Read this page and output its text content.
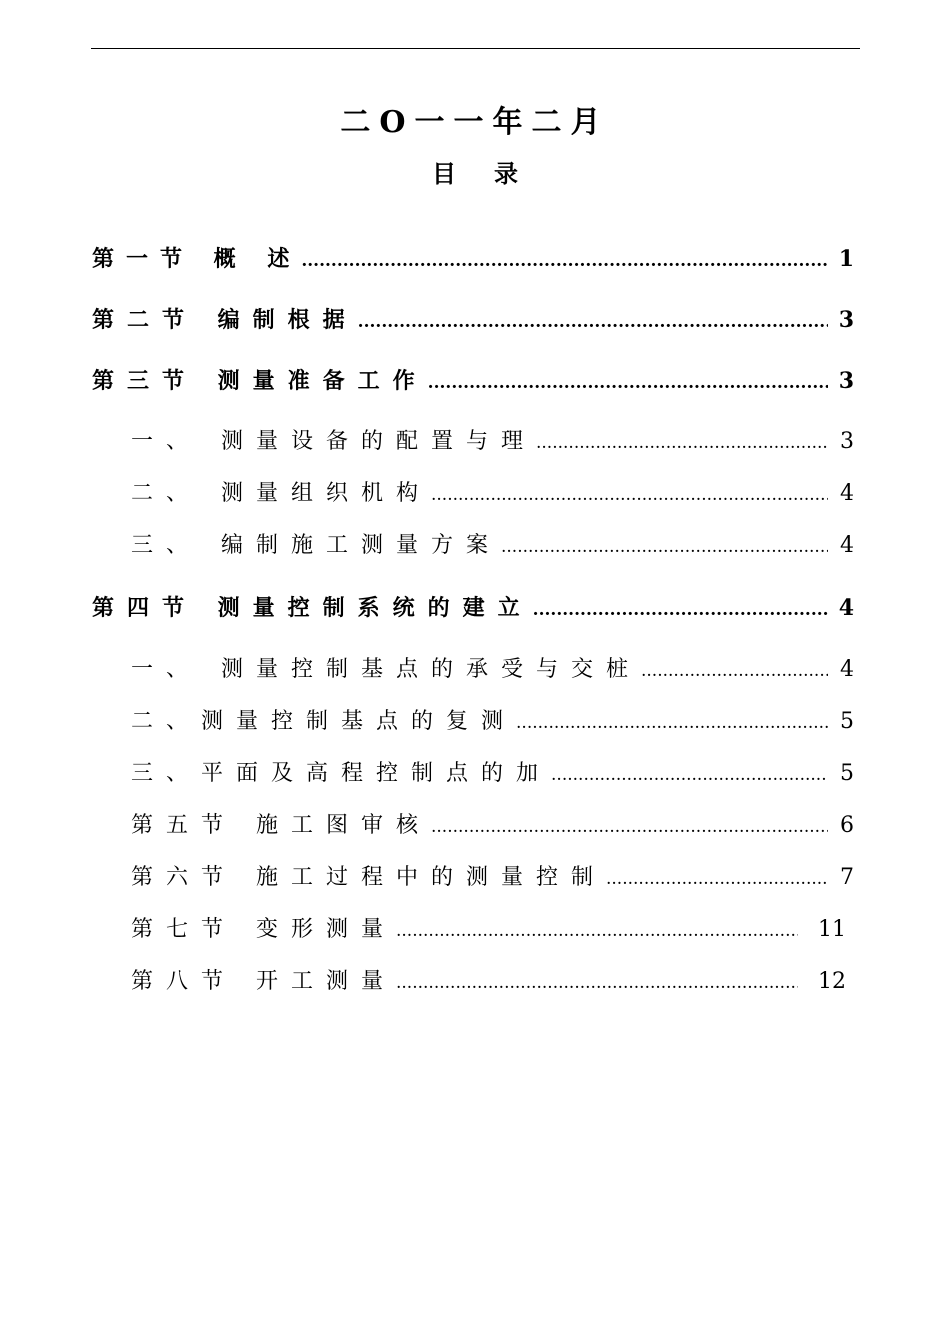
二O一一年二月
目录
第一节 概 述 .....	1
第二节 编制根据 .....	3
第三节 测量准备工作 .....	3
一、 测量设备的配置与理 .....	3
二、 测量组织机构 .....	4
三、 编制施工测量方案 .....	4
第四节 测量控制系统的建立 .....	4
一、 测量控制基点的承受与交桩 .....	4
二、测量控制基点的复测 .....	5
三、平面及高程控制点的加 .....	5
第五节 施工图审核 .....	6
第六节 施工过程中的测量控制 .....	7
第七节 变形测量 .....	11
第八节 开工测量 .....	12
